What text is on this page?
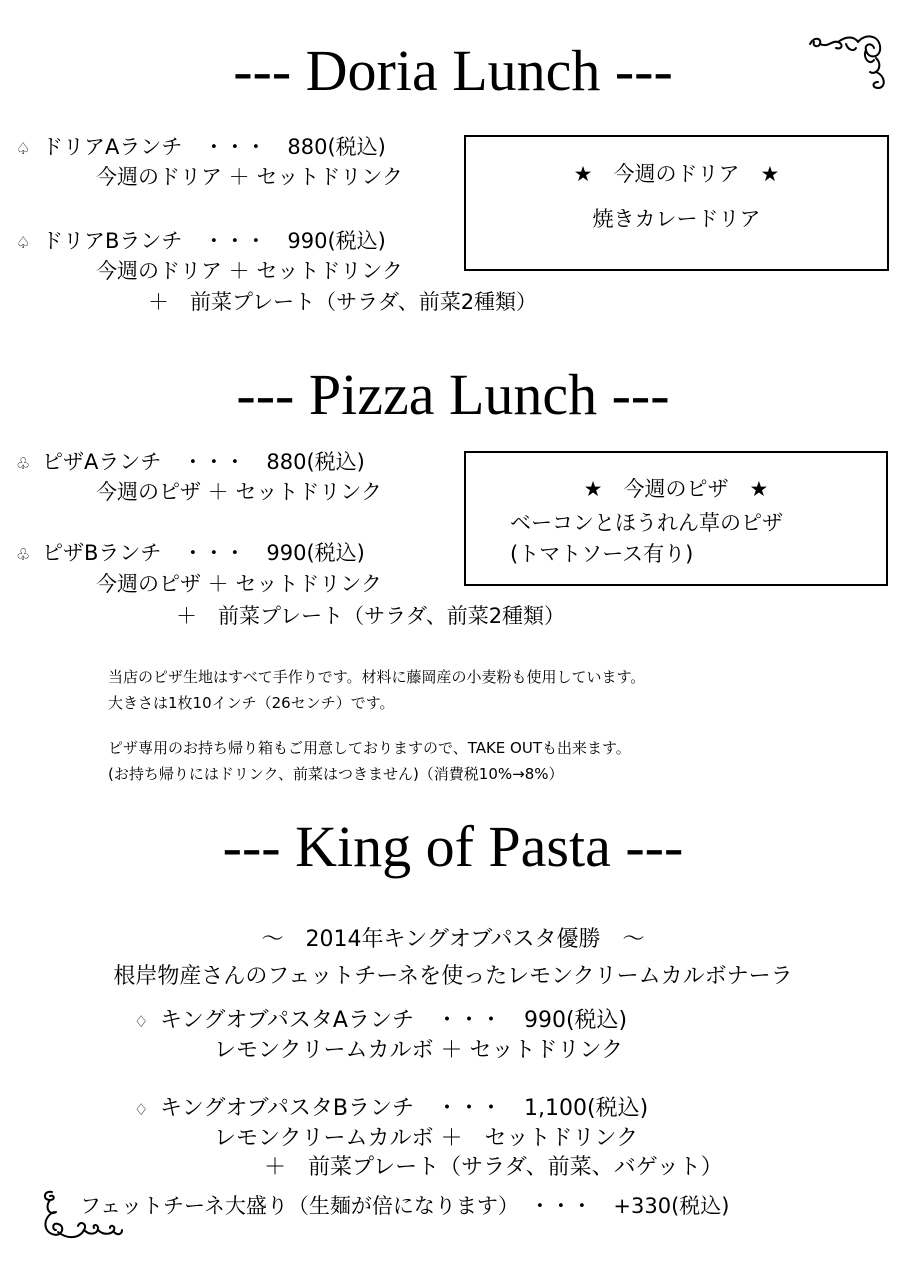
--- Doria Lunch ---
♤ ドリアAランチ　・・・　880(税込)
今週のドリア ＋ セットドリンク
♤ ドリアBランチ　・・・　990(税込)
今週のドリア ＋ セットドリンク
＋　前菜プレート（サラダ、前菜2種類）
★　今週のドリア　★
焼きカレードリア
--- Pizza Lunch ---
♧ ピザAランチ　・・・　880(税込)
今週のピザ ＋ セットドリンク
♧ ピザBランチ　・・・　990(税込)
今週のピザ ＋ セットドリンク
＋　前菜プレート（サラダ、前菜2種類）
★　今週のピザ　★
ベーコンとほうれん草のピザ
(トマトソース有り)
当店のピザ生地はすべて手作りです。材料に藤岡産の小麦粉も使用しています。
大きさは1枚10インチ（26センチ）です。
ピザ専用のお持ち帰り箱もご用意しておりますので、TAKE OUTも出来ます。
(お持ち帰りにはドリンク、前菜はつきません)（消費税10%→8%）
--- King of Pasta ---
～　2014年キングオブパスタ優勝　～
根岸物産さんのフェットチーネを使ったレモンクリームカルボナーラ
♢ キングオブパスタAランチ　・・・　990(税込)
レモンクリームカルボ ＋ セットドリンク
♢ キングオブパスタBランチ　・・・　1,100(税込)
レモンクリームカルボ ＋　セットドリンク
＋　前菜プレート（サラダ、前菜、バゲット）
フェットチーネ大盛り（生麺が倍になります）　・・・　+330(税込)
